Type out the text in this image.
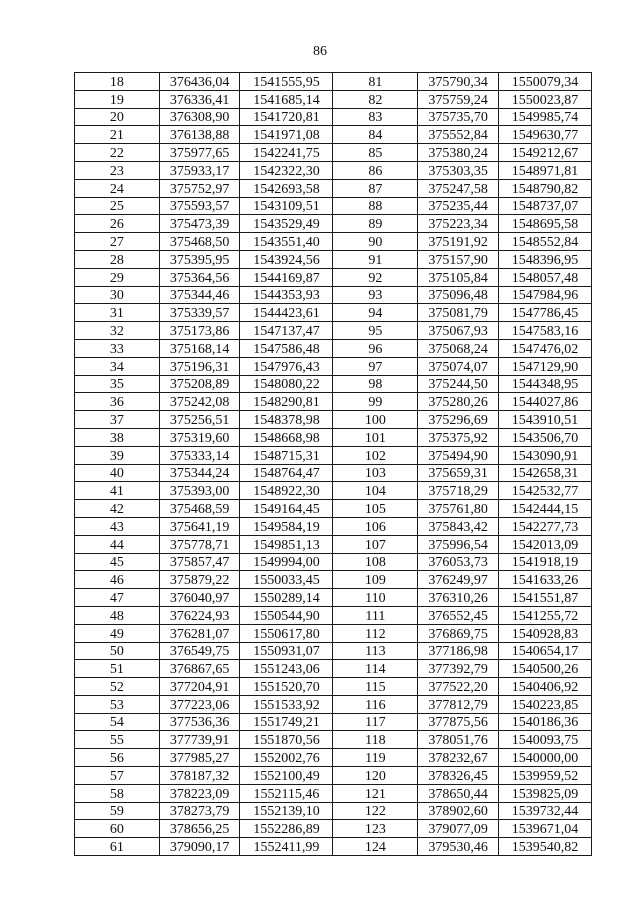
86
18	376436,04	1541555,95	81	375790,34	1550079,34
19	376336,41	1541685,14	82	375759,24	1550023,87
20	376308,90	1541720,81	83	375735,70	1549985,74
21	376138,88	1541971,08	84	375552,84	1549630,77
22	375977,65	1542241,75	85	375380,24	1549212,67
23	375933,17	1542322,30	86	375303,35	1548971,81
24	375752,97	1542693,58	87	375247,58	1548790,82
25	375593,57	1543109,51	88	375235,44	1548737,07
26	375473,39	1543529,49	89	375223,34	1548695,58
27	375468,50	1543551,40	90	375191,92	1548552,84
28	375395,95	1543924,56	91	375157,90	1548396,95
29	375364,56	1544169,87	92	375105,84	1548057,48
30	375344,46	1544353,93	93	375096,48	1547984,96
31	375339,57	1544423,61	94	375081,79	1547786,45
32	375173,86	1547137,47	95	375067,93	1547583,16
33	375168,14	1547586,48	96	375068,24	1547476,02
34	375196,31	1547976,43	97	375074,07	1547129,90
35	375208,89	1548080,22	98	375244,50	1544348,95
36	375242,08	1548290,81	99	375280,26	1544027,86
37	375256,51	1548378,98	100	375296,69	1543910,51
38	375319,60	1548668,98	101	375375,92	1543506,70
39	375333,14	1548715,31	102	375494,90	1543090,91
40	375344,24	1548764,47	103	375659,31	1542658,31
41	375393,00	1548922,30	104	375718,29	1542532,77
42	375468,59	1549164,45	105	375761,80	1542444,15
43	375641,19	1549584,19	106	375843,42	1542277,73
44	375778,71	1549851,13	107	375996,54	1542013,09
45	375857,47	1549994,00	108	376053,73	1541918,19
46	375879,22	1550033,45	109	376249,97	1541633,26
47	376040,97	1550289,14	110	376310,26	1541551,87
48	376224,93	1550544,90	111	376552,45	1541255,72
49	376281,07	1550617,80	112	376869,75	1540928,83
50	376549,75	1550931,07	113	377186,98	1540654,17
51	376867,65	1551243,06	114	377392,79	1540500,26
52	377204,91	1551520,70	115	377522,20	1540406,92
53	377223,06	1551533,92	116	377812,79	1540223,85
54	377536,36	1551749,21	117	377875,56	1540186,36
55	377739,91	1551870,56	118	378051,76	1540093,75
56	377985,27	1552002,76	119	378232,67	1540000,00
57	378187,32	1552100,49	120	378326,45	1539959,52
58	378223,09	1552115,46	121	378650,44	1539825,09
59	378273,79	1552139,10	122	378902,60	1539732,44
60	378656,25	1552286,89	123	379077,09	1539671,04
61	379090,17	1552411,99	124	379530,46	1539540,82
